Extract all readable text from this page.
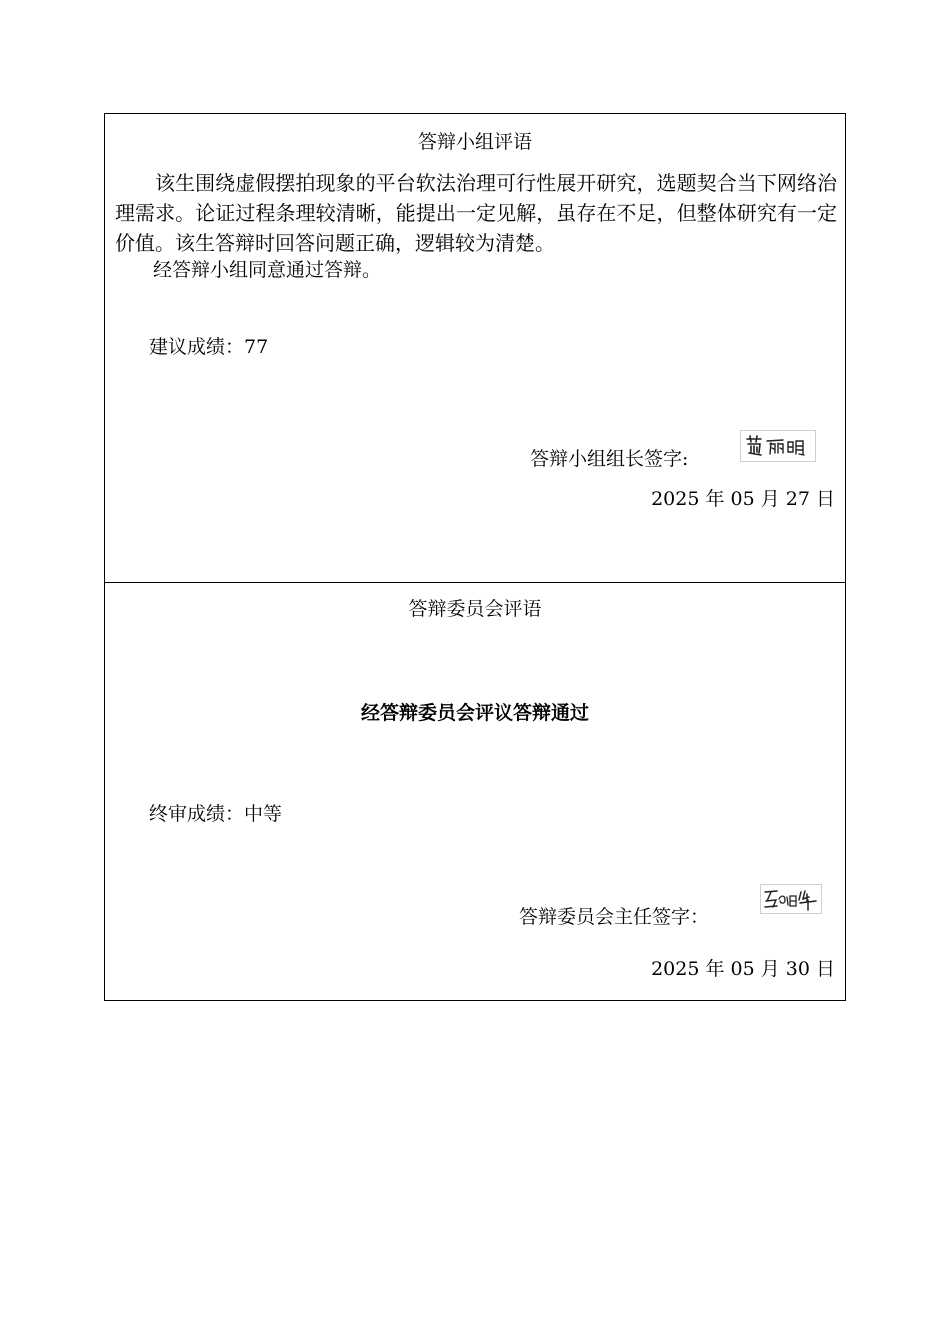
答辩小组评语

该生围绕虚假摆拍现象的平台软法治理可行性展开研究，选题契合当下网络治理需求。论证过程条理较清晰，能提出一定见解，虽存在不足，但整体研究有一定价值。该生答辩时回答问题正确，逻辑较为清楚。

经答辩小组同意通过答辩。
建议成绩：77
答辩小组组长签字:
2025 年 05 月 27 日
答辩委员会评语
经答辩委员会评议答辩通过
终审成绩：中等
答辩委员会主任签字：
2025 年 05 月 30 日
